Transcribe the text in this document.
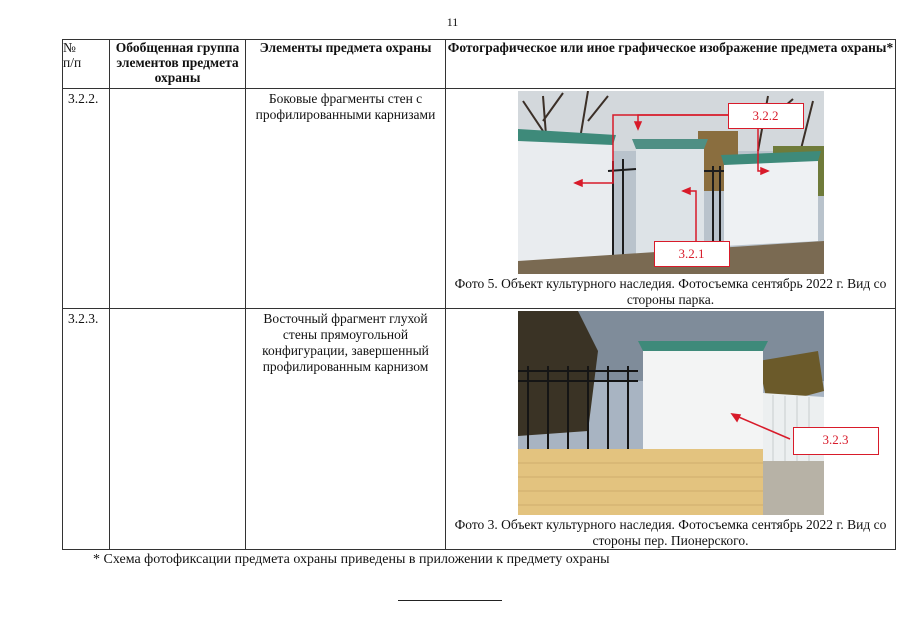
11
№
п/п	Обобщенная группа элементов предмета охраны	Элементы предмета охраны	Фотографическое или иное графическое изображение предмета охраны*
3.2.2.		Боковые фрагменты стен с профилированными карнизами	3.2.2
3.2.1
Фото 5. Объект культурного наследия. Фотосъемка сентябрь 2022 г. Вид со стороны парка.

3.2.3.		Восточный фрагмент глухой стены прямоугольной конфигурации, завершенный профилированным карнизом	3.2.3
Фото 3. Объект культурного наследия. Фотосъемка сентябрь 2022 г. Вид со стороны пер. Пионерского.
* Схема фотофиксации предмета охраны приведены в приложении к предмету охраны
